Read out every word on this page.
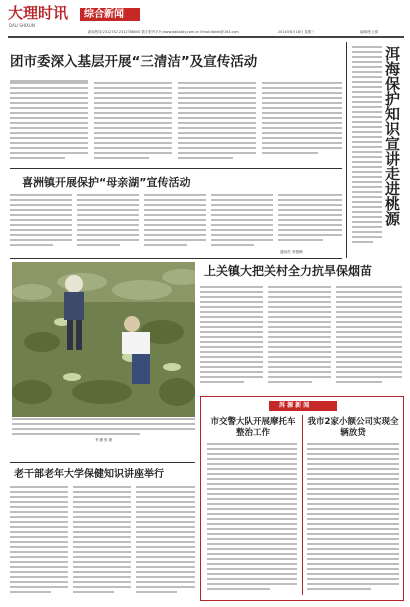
大理时讯 综合新闻
DALI SHIXUN
新闻热线:2312742 2312788000 数字报刊平台:www.dalidaily.com.cn Email:dalirb@163.com	2014年6月18日 星期三	编辑/张云倩
团市委深入基层开展“三清洁”及宣传活动
喜洲镇开展保护“母亲湖”宣传活动
通讯员 李燕梅
洱海保护知识宣讲走进桃源
李 摄 张 摄
上关镇大把关村全力抗旱保烟苗
洱 源 新 闻
市交警大队开展摩托车整治工作
我市2家小额公司实现全辆放贷
老干部老年大学保健知识讲座举行
